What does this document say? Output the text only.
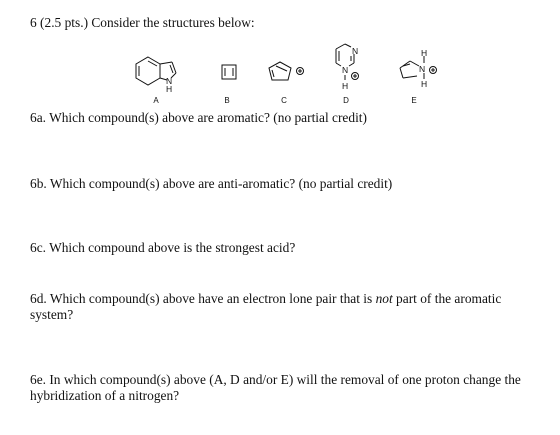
6 (2.5 pts.) Consider the structures below:
N
H
N
N
H
H
N
H
A	B	C	D	E
6a. Which compound(s) above are aromatic? (no partial credit)
6b. Which compound(s) above are anti-aromatic? (no partial credit)
6c. Which compound above is the strongest acid?
6d. Which compound(s) above have an electron lone pair that is not part of the aromatic system?
6e. In which compound(s) above (A, D and/or E) will the removal of one proton change the hybridization of a nitrogen?
